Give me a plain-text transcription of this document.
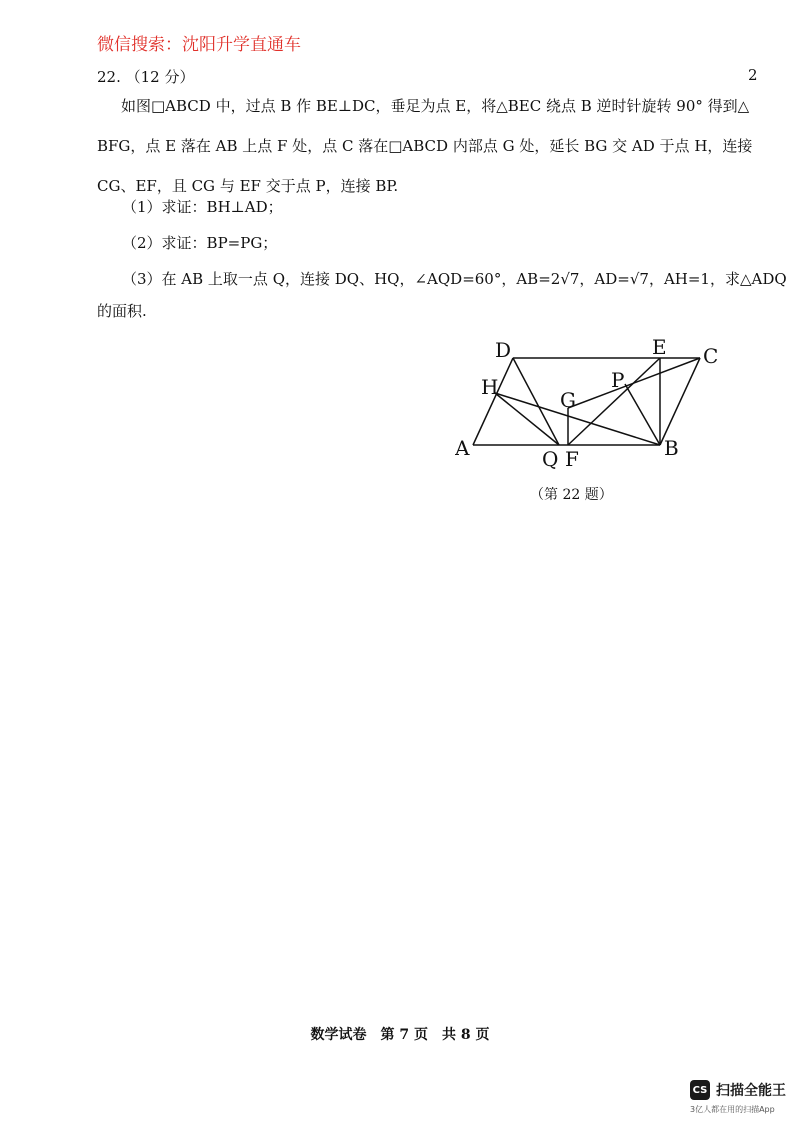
微信搜索：沈阳升学直通车
22. （12 分）	2
如图□ABCD 中，过点 B 作 BE⊥DC，垂足为点 E，将△BEC 绕点 B 逆时针旋转 90° 得到△
BFG，点 E 落在 AB 上点 F 处，点 C 落在□ABCD 内部点 G 处，延长 BG 交 AD 于点 H，连接
CG、EF，且 CG 与 EF 交于点 P，连接 BP.
（1）求证：BH⊥AD；
（2）求证：BP=PG；
（3）在 AB 上取一点 Q，连接 DQ、HQ，∠AQD=60°，AB=2√7，AD=√7，AH=1，求△ADQ
的面积.
A	B
C
D	E
F
G
H	P
Q
（第 22 题）
数学试卷　第 7 页　共 8 页
CS 扫描全能王
3亿人都在用的扫描App
